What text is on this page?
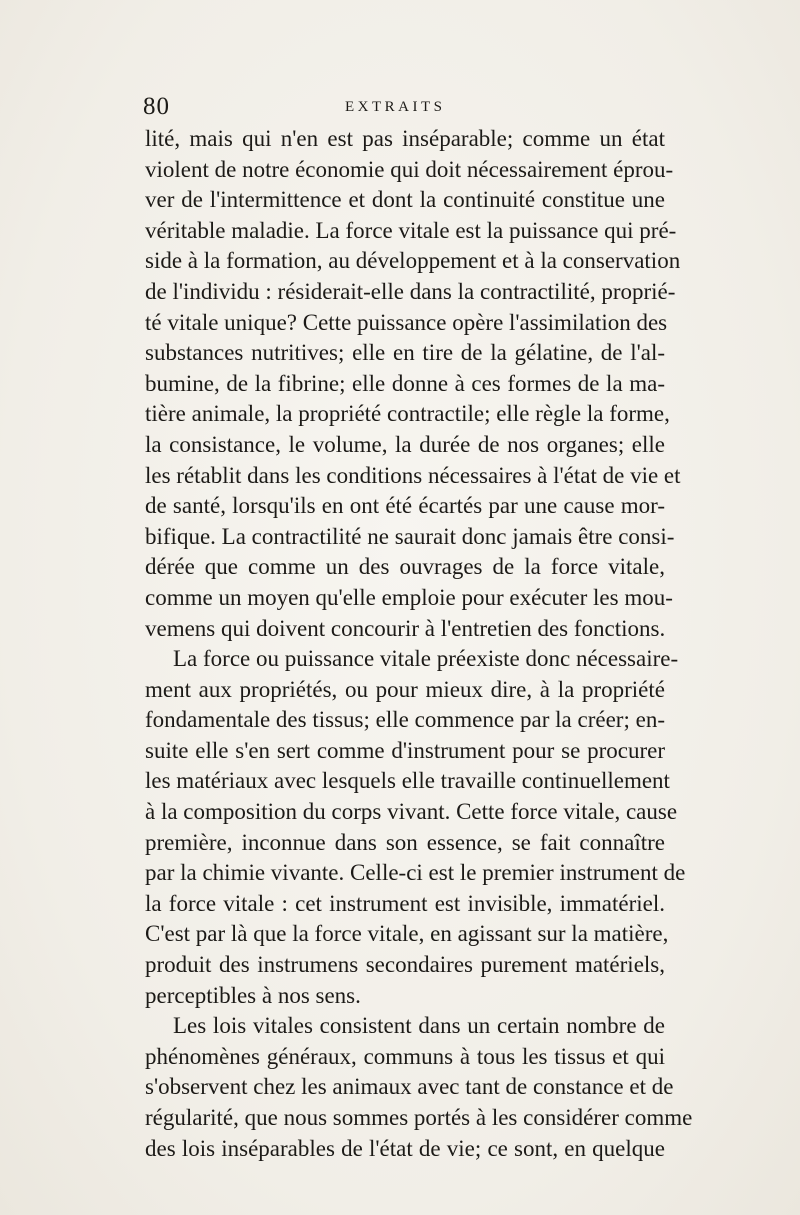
80	EXTRAITS
lité, mais qui n'en est pas inséparable; comme un état
violent de notre économie qui doit nécessairement éprou-
ver de l'intermittence et dont la continuité constitue une
véritable maladie. La force vitale est la puissance qui pré-
side à la formation, au développement et à la conservation
de l'individu : résiderait-elle dans la contractilité, proprié-
té vitale unique? Cette puissance opère l'assimilation des
substances nutritives; elle en tire de la gélatine, de l'al-
bumine, de la fibrine; elle donne à ces formes de la ma-
tière animale, la propriété contractile; elle règle la forme,
la consistance, le volume, la durée de nos organes; elle
les rétablit dans les conditions nécessaires à l'état de vie et
de santé, lorsqu'ils en ont été écartés par une cause mor-
bifique. La contractilité ne saurait donc jamais être consi-
dérée que comme un des ouvrages de la force vitale,
comme un moyen qu'elle emploie pour exécuter les mou-
vemens qui doivent concourir à l'entretien des fonctions.
La force ou puissance vitale préexiste donc nécessaire-
ment aux propriétés, ou pour mieux dire, à la propriété
fondamentale des tissus; elle commence par la créer; en-
suite elle s'en sert comme d'instrument pour se procurer
les matériaux avec lesquels elle travaille continuellement
à la composition du corps vivant. Cette force vitale, cause
première, inconnue dans son essence, se fait connaître
par la chimie vivante. Celle-ci est le premier instrument de
la force vitale : cet instrument est invisible, immatériel.
C'est par là que la force vitale, en agissant sur la matière,
produit des instrumens secondaires purement matériels,
perceptibles à nos sens.
Les lois vitales consistent dans un certain nombre de
phénomènes généraux, communs à tous les tissus et qui
s'observent chez les animaux avec tant de constance et de
régularité, que nous sommes portés à les considérer comme
des lois inséparables de l'état de vie; ce sont, en quelque
